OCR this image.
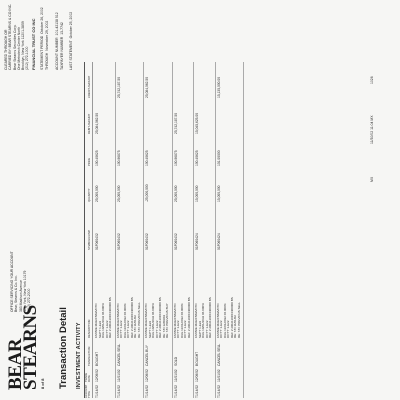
BEAR
STEARNS
OFFICE SERVICING YOUR ACCOUNT Bear, Stearns & Co. Inc. 383 Madison Avenue New York, New York 10179 (212) 272-2000
CLEARED THROUGH OR CARRIED BY: BEAR STEARNS & CO INC. Bear Stearns Securities Corp. One Metrotech Center North Brooklyn, New York 11201-3859 (212) 272-1000 FINANCIAL TRUST CO INC STATEMENT PERIOD  October 26, 2002
THROUGH  November 29, 2002
ACCOUNT NUMBER  101-42138 512
TAXPAYER NUMBER  13-7742
LAST STATEMENT  October 25, 2002
8 of 8 Transaction Detail INVESTMENT ACTIVITY
ACCOUNT TYPE
TRADE DATE
TRANSACTION
DESCRIPTION
SYMBOL/CUSIP
QUANTITY
PRICE
DEBIT AMOUNT
CREDIT AMOUNT
T1/14/02
12/09/02
BOUGHT
FANNIE MAE/FNMA/DTD SEP'T 1-E22 DUE 10/01/2032 06.000% OCT'T 1-E22 REF # 2002110F04400000 BS
01F060432
25,000,000
100.40625
25,084,062.50
T1/14/02
11/01/02
CANCEL SELL
FANNIE MAE/FNMA/DTD OCT'T 1-E22 DUE 11/01/2032 06.000% OCT'T 1-E22 REF # 2002110F04400000 BS RE: T/D 11/01/02 RE: T/D: PREVIOUS SELL
01F060432
25,000,000
100.96875
25,742,187.50
T1/14/02
12/09/02
CANCEL BUY
FANNIE MAE/FNMA/DTD SEP'T 1-E22 DUE 10/01/2032 06.000% OCT'T 1-E22 REF # 2002110F04400000 BS RE: T/D 12/09/02 RE: T/D: PREVIOUS BUY
01F060432
-25,000,000
100.40625
25,084,062.50
T1/14/02
11/01/02
SOLD
FANNIE MAE/FNMA/DTD OCT'T 1-E22 DUE 11/01/2032 06.000% OCT'T 1-E22 REF # 2002110F04400000 BS
01F060432
25,000,000
100.96875
25,742,187.50
T1/14/02
12/09/02
BOUGHT
FANNIE MAE/FNMA/DTD SEP'T 1-E22 DUE 10/01/2032 06.000% OCT'T 1-E22 REF # 2002110F04400000 BS
01F060424
15,000,000
100.40625
15,045,625.00
T1/14/02
11/01/02
CANCEL SELL
FANNIE MAE/FNMA/DTD OCT'T 1-E22 DUE 11/01/2032 06.000% OCT'T 1-E22 REF # 2002110F04400000 BS RE: T/D 11/01/02 RE: T/D: PREVIOUS SELL
01F060424
15,000,000
101.00000
15,135,000.00
MX
11/30/02 11:04 MX
1026
